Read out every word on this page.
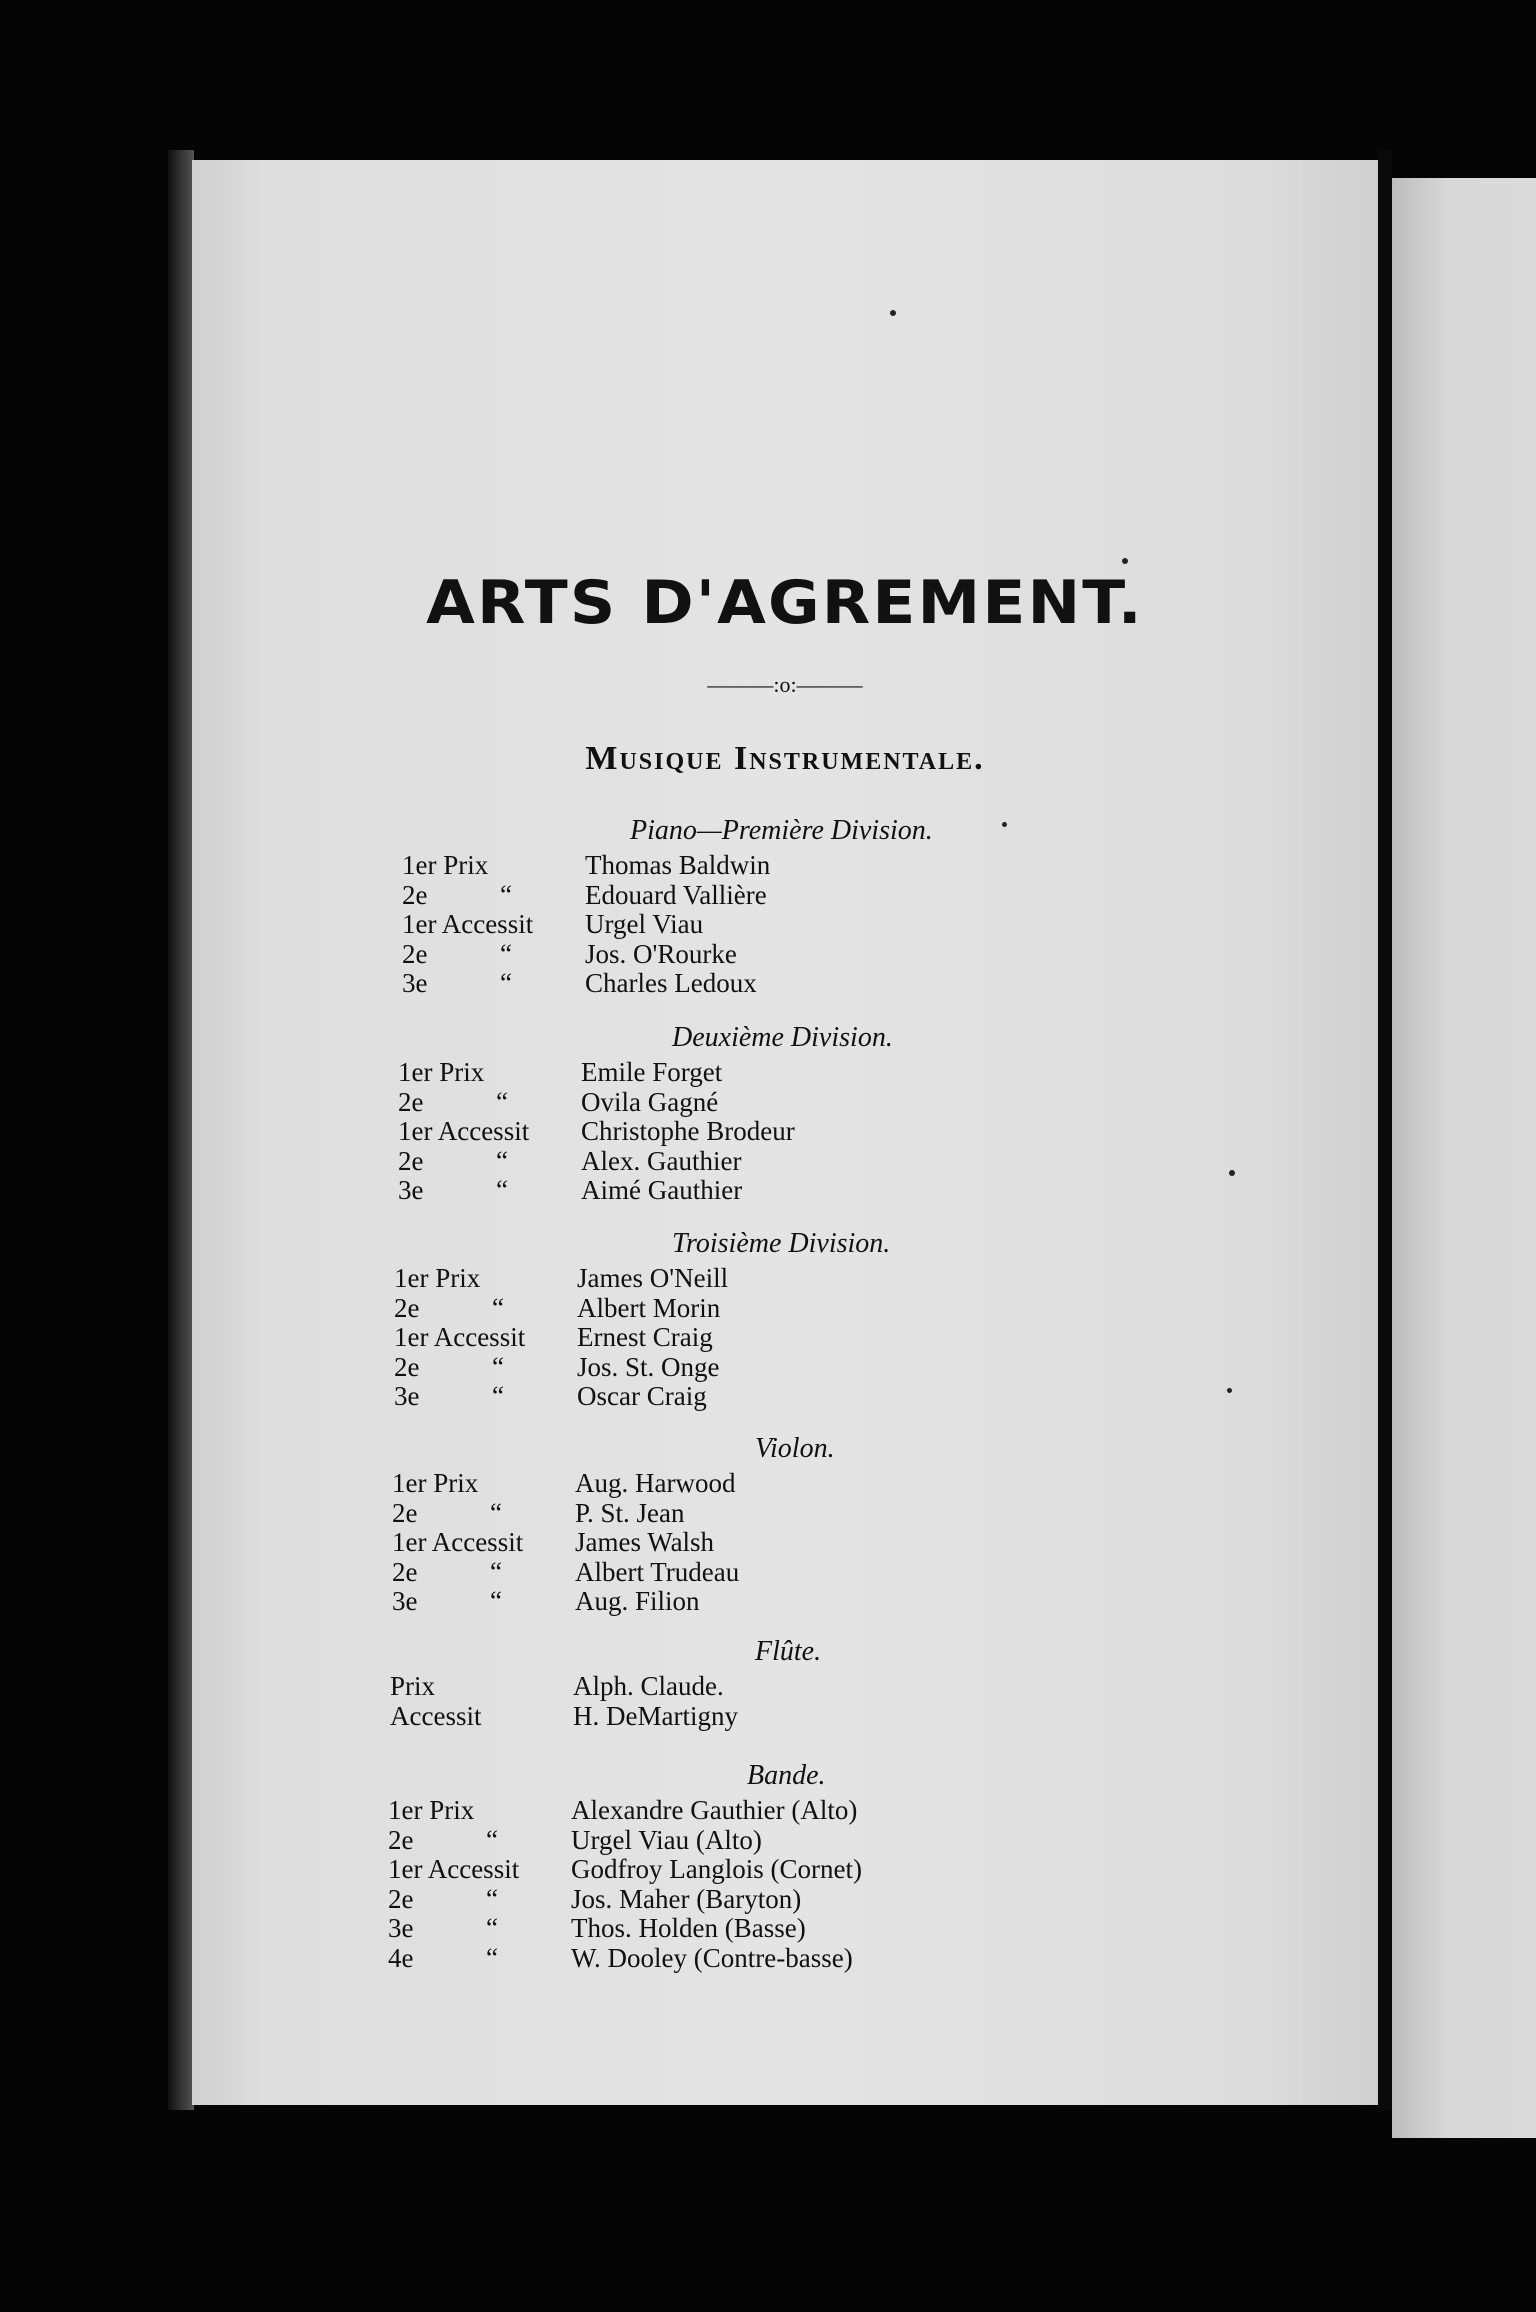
ARTS D'AGREMENT.
———:o:———
Musique Instrumentale.
Piano—Première Division.
1er Prix	Thomas Baldwin
2e	“	Edouard Vallière
1er Accessit Urgel Viau
2e	“	Jos. O'Rourke
3e	“	Charles Ledoux
Deuxième Division.
1er Prix	Emile Forget
2e	“	Ovila Gagné
1er Accessit Christophe Brodeur
2e	“	Alex. Gauthier
3e	“	Aimé Gauthier
Troisième Division.
1er Prix	James O'Neill
2e	“	Albert Morin
1er Accessit Ernest Craig
2e	“	Jos. St. Onge
3e	“	Oscar Craig
Violon.
1er Prix	Aug. Harwood
2e	“	P. St. Jean
1er Accessit James Walsh
2e	“	Albert Trudeau
3e	“	Aug. Filion
Flûte.
Prix	Alph. Claude.
Accessit	H. DeMartigny
Bande.
1er Prix	Alexandre Gauthier (Alto)
2e	“	Urgel Viau (Alto)
1er Accessit Godfroy Langlois (Cornet)
2e	“	Jos. Maher (Baryton)
3e	“	Thos. Holden (Basse)
4e	“	W. Dooley (Contre-basse)
